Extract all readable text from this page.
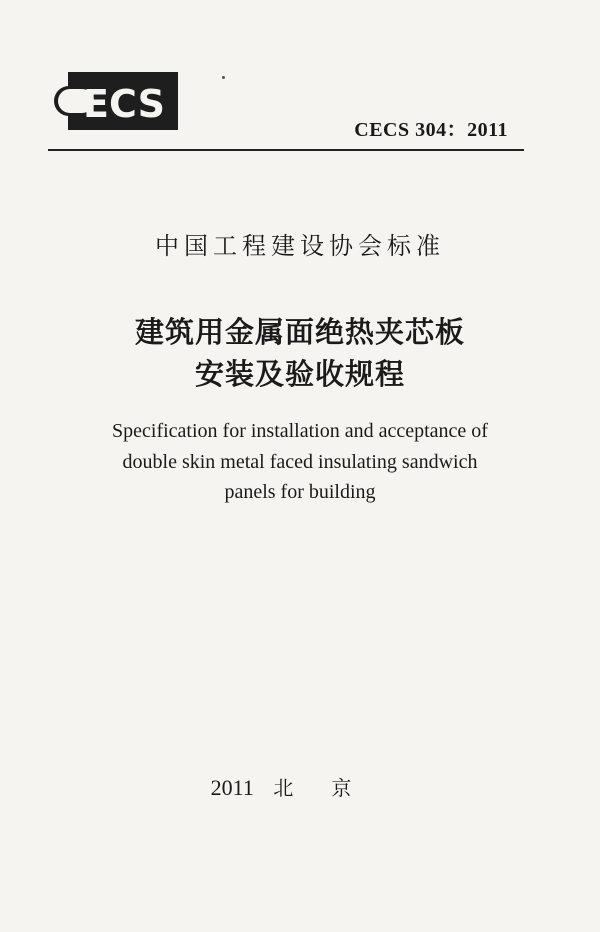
ECS
CECS 304：2011
中国工程建设协会标准
建筑用金属面绝热夹芯板
安装及验收规程
Specification for installation and acceptance of
double skin metal faced insulating sandwich
panels for building
2011 北京
